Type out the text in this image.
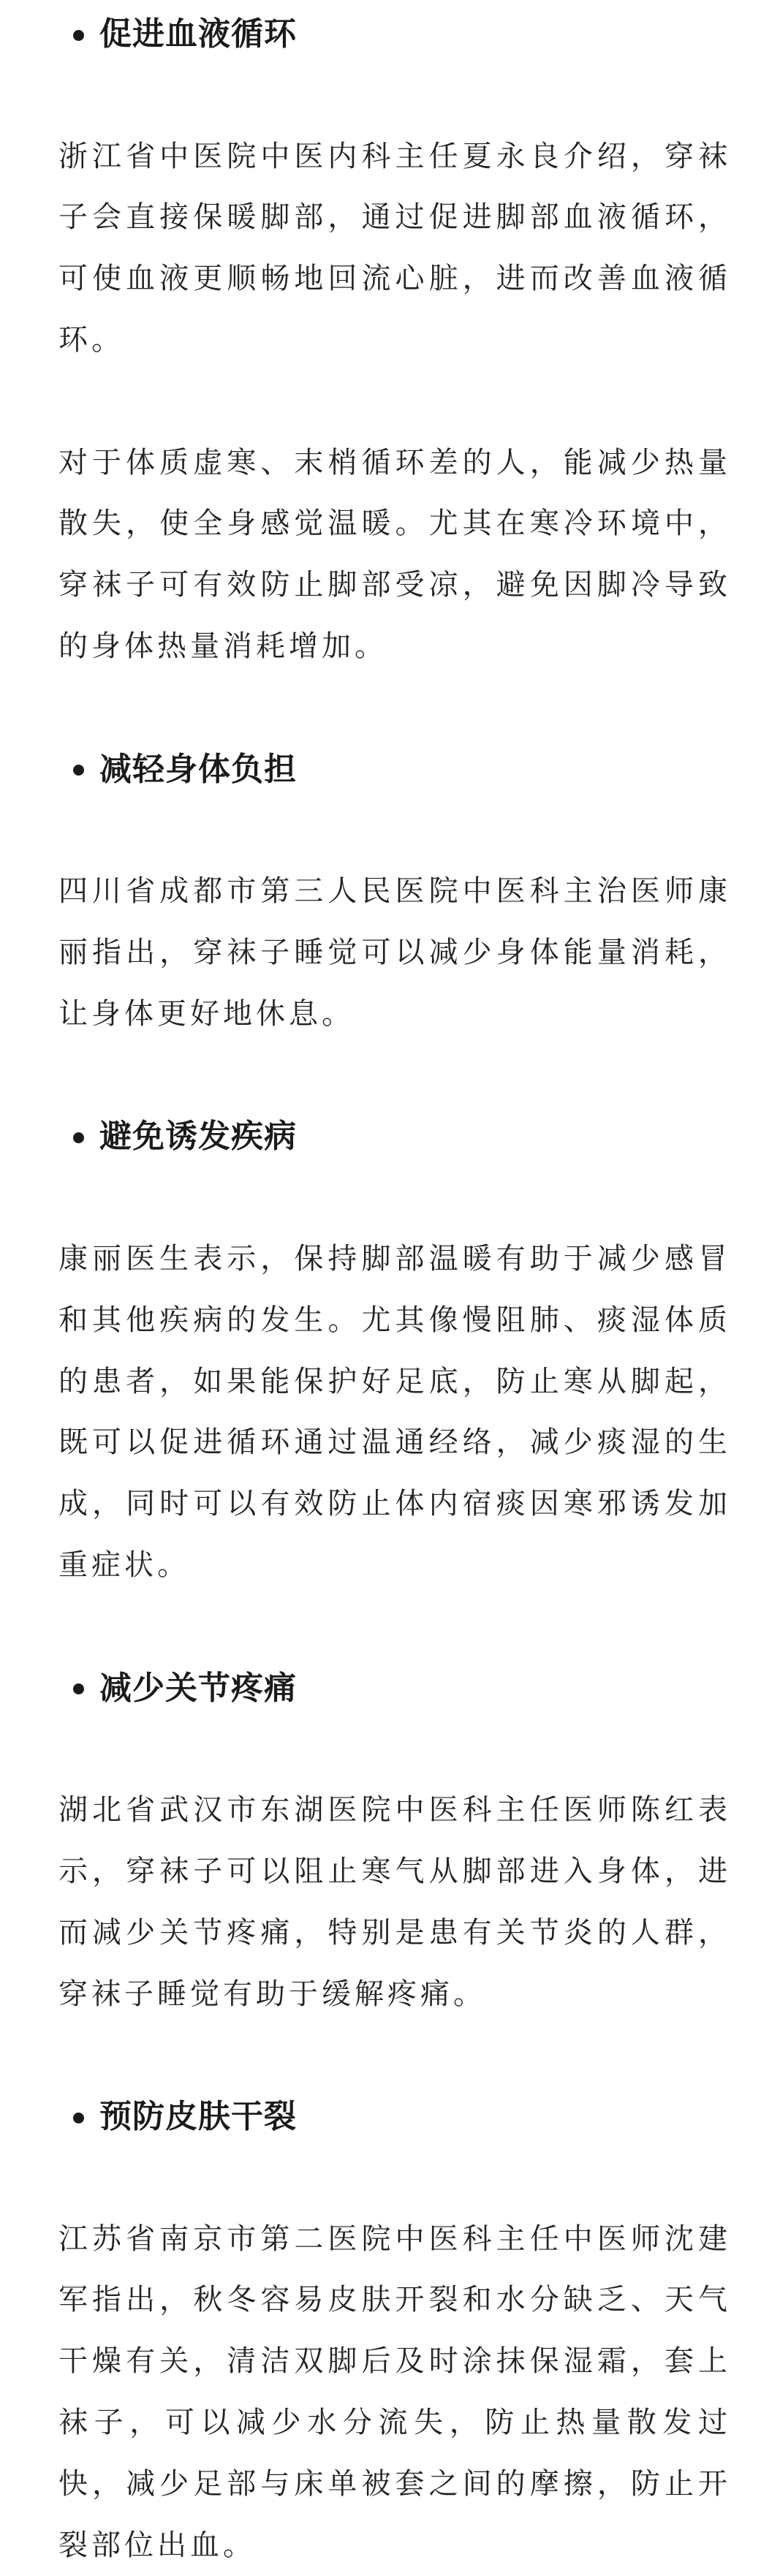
促进血液循环
浙江省中医院中医内科主任夏永良介绍，穿袜
子会直接保暖脚部，通过促进脚部血液循环，
可使血液更顺畅地回流心脏，进而改善血液循
环。
对于体质虚寒、末梢循环差的人，能减少热量
散失，使全身感觉温暖。尤其在寒冷环境中，
穿袜子可有效防止脚部受凉，避免因脚冷导致
的身体热量消耗增加。
减轻身体负担
四川省成都市第三人民医院中医科主治医师康
丽指出，穿袜子睡觉可以减少身体能量消耗，
让身体更好地休息。
避免诱发疾病
康丽医生表示，保持脚部温暖有助于减少感冒
和其他疾病的发生。尤其像慢阻肺、痰湿体质
的患者，如果能保护好足底，防止寒从脚起，
既可以促进循环通过温通经络，减少痰湿的生
成，同时可以有效防止体内宿痰因寒邪诱发加
重症状。
减少关节疼痛
湖北省武汉市东湖医院中医科主任医师陈红表
示，穿袜子可以阻止寒气从脚部进入身体，进
而减少关节疼痛，特别是患有关节炎的人群，
穿袜子睡觉有助于缓解疼痛。
预防皮肤干裂
江苏省南京市第二医院中医科主任中医师沈建
军指出，秋冬容易皮肤开裂和水分缺乏、天气
干燥有关，清洁双脚后及时涂抹保湿霜，套上
袜子，可以减少水分流失，防止热量散发过
快，减少足部与床单被套之间的摩擦，防止开
裂部位出血。
